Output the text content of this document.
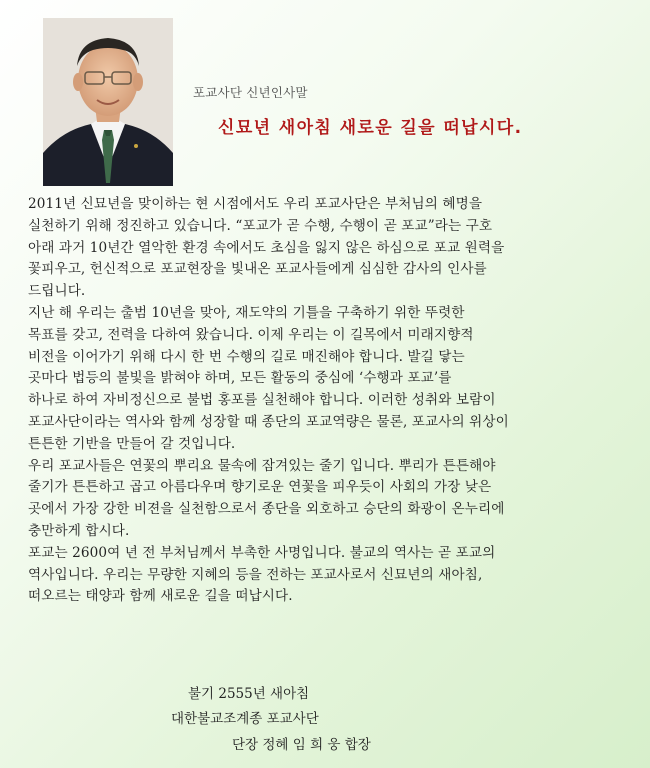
포교사단 신년인사말
신묘년 새아침 새로운 길을 떠납시다.

2011년 신묘년을 맞이하는 현 시점에서도 우리 포교사단은 부처님의 혜명을

실천하기 위해 정진하고 있습니다. “포교가 곧 수행, 수행이 곧 포교”라는 구호

아래 과거 10년간 열악한 환경 속에서도 초심을 잃지 않은 하심으로 포교 원력을

꽃피우고, 헌신적으로 포교현장을 빛내온 포교사들에게 심심한 감사의 인사를

드립니다.

지난 해 우리는 출범 10년을 맞아, 재도약의 기틀을 구축하기 위한 뚜렷한

목표를 갖고, 전력을 다하여 왔습니다. 이제 우리는 이 길목에서 미래지향적

비전을 이어가기 위해 다시 한 번 수행의 길로 매진해야 합니다. 발길 닿는

곳마다 법등의 불빛을 밝혀야 하며, 모든 활동의 중심에 ‘수행과 포교’를

하나로 하여 자비정신으로 불법 홍포를 실천해야 합니다. 이러한 성취와 보람이

포교사단이라는 역사와 함께 성장할 때 종단의 포교역량은 물론, 포교사의 위상이

튼튼한 기반을 만들어 갈 것입니다.

우리 포교사들은 연꽃의 뿌리요 물속에 잠겨있는 줄기 입니다. 뿌리가 튼튼해야

줄기가 튼튼하고 곱고 아름다우며 향기로운 연꽃을 피우듯이 사회의 가장 낮은

곳에서 가장 강한 비젼을 실천함으로서 종단을 외호하고 승단의 화광이 온누리에

충만하게 합시다.

포교는 2600여 년 전 부처님께서 부촉한 사명입니다. 불교의 역사는 곧 포교의

역사입니다. 우리는 무량한 지혜의 등을 전하는 포교사로서 신묘년의 새아침,

떠오르는 태양과 함께 새로운 길을 떠납시다.

불기 2555년 새아침
대한불교조계종 포교사단
단장 정혜 임 희 웅 합장
